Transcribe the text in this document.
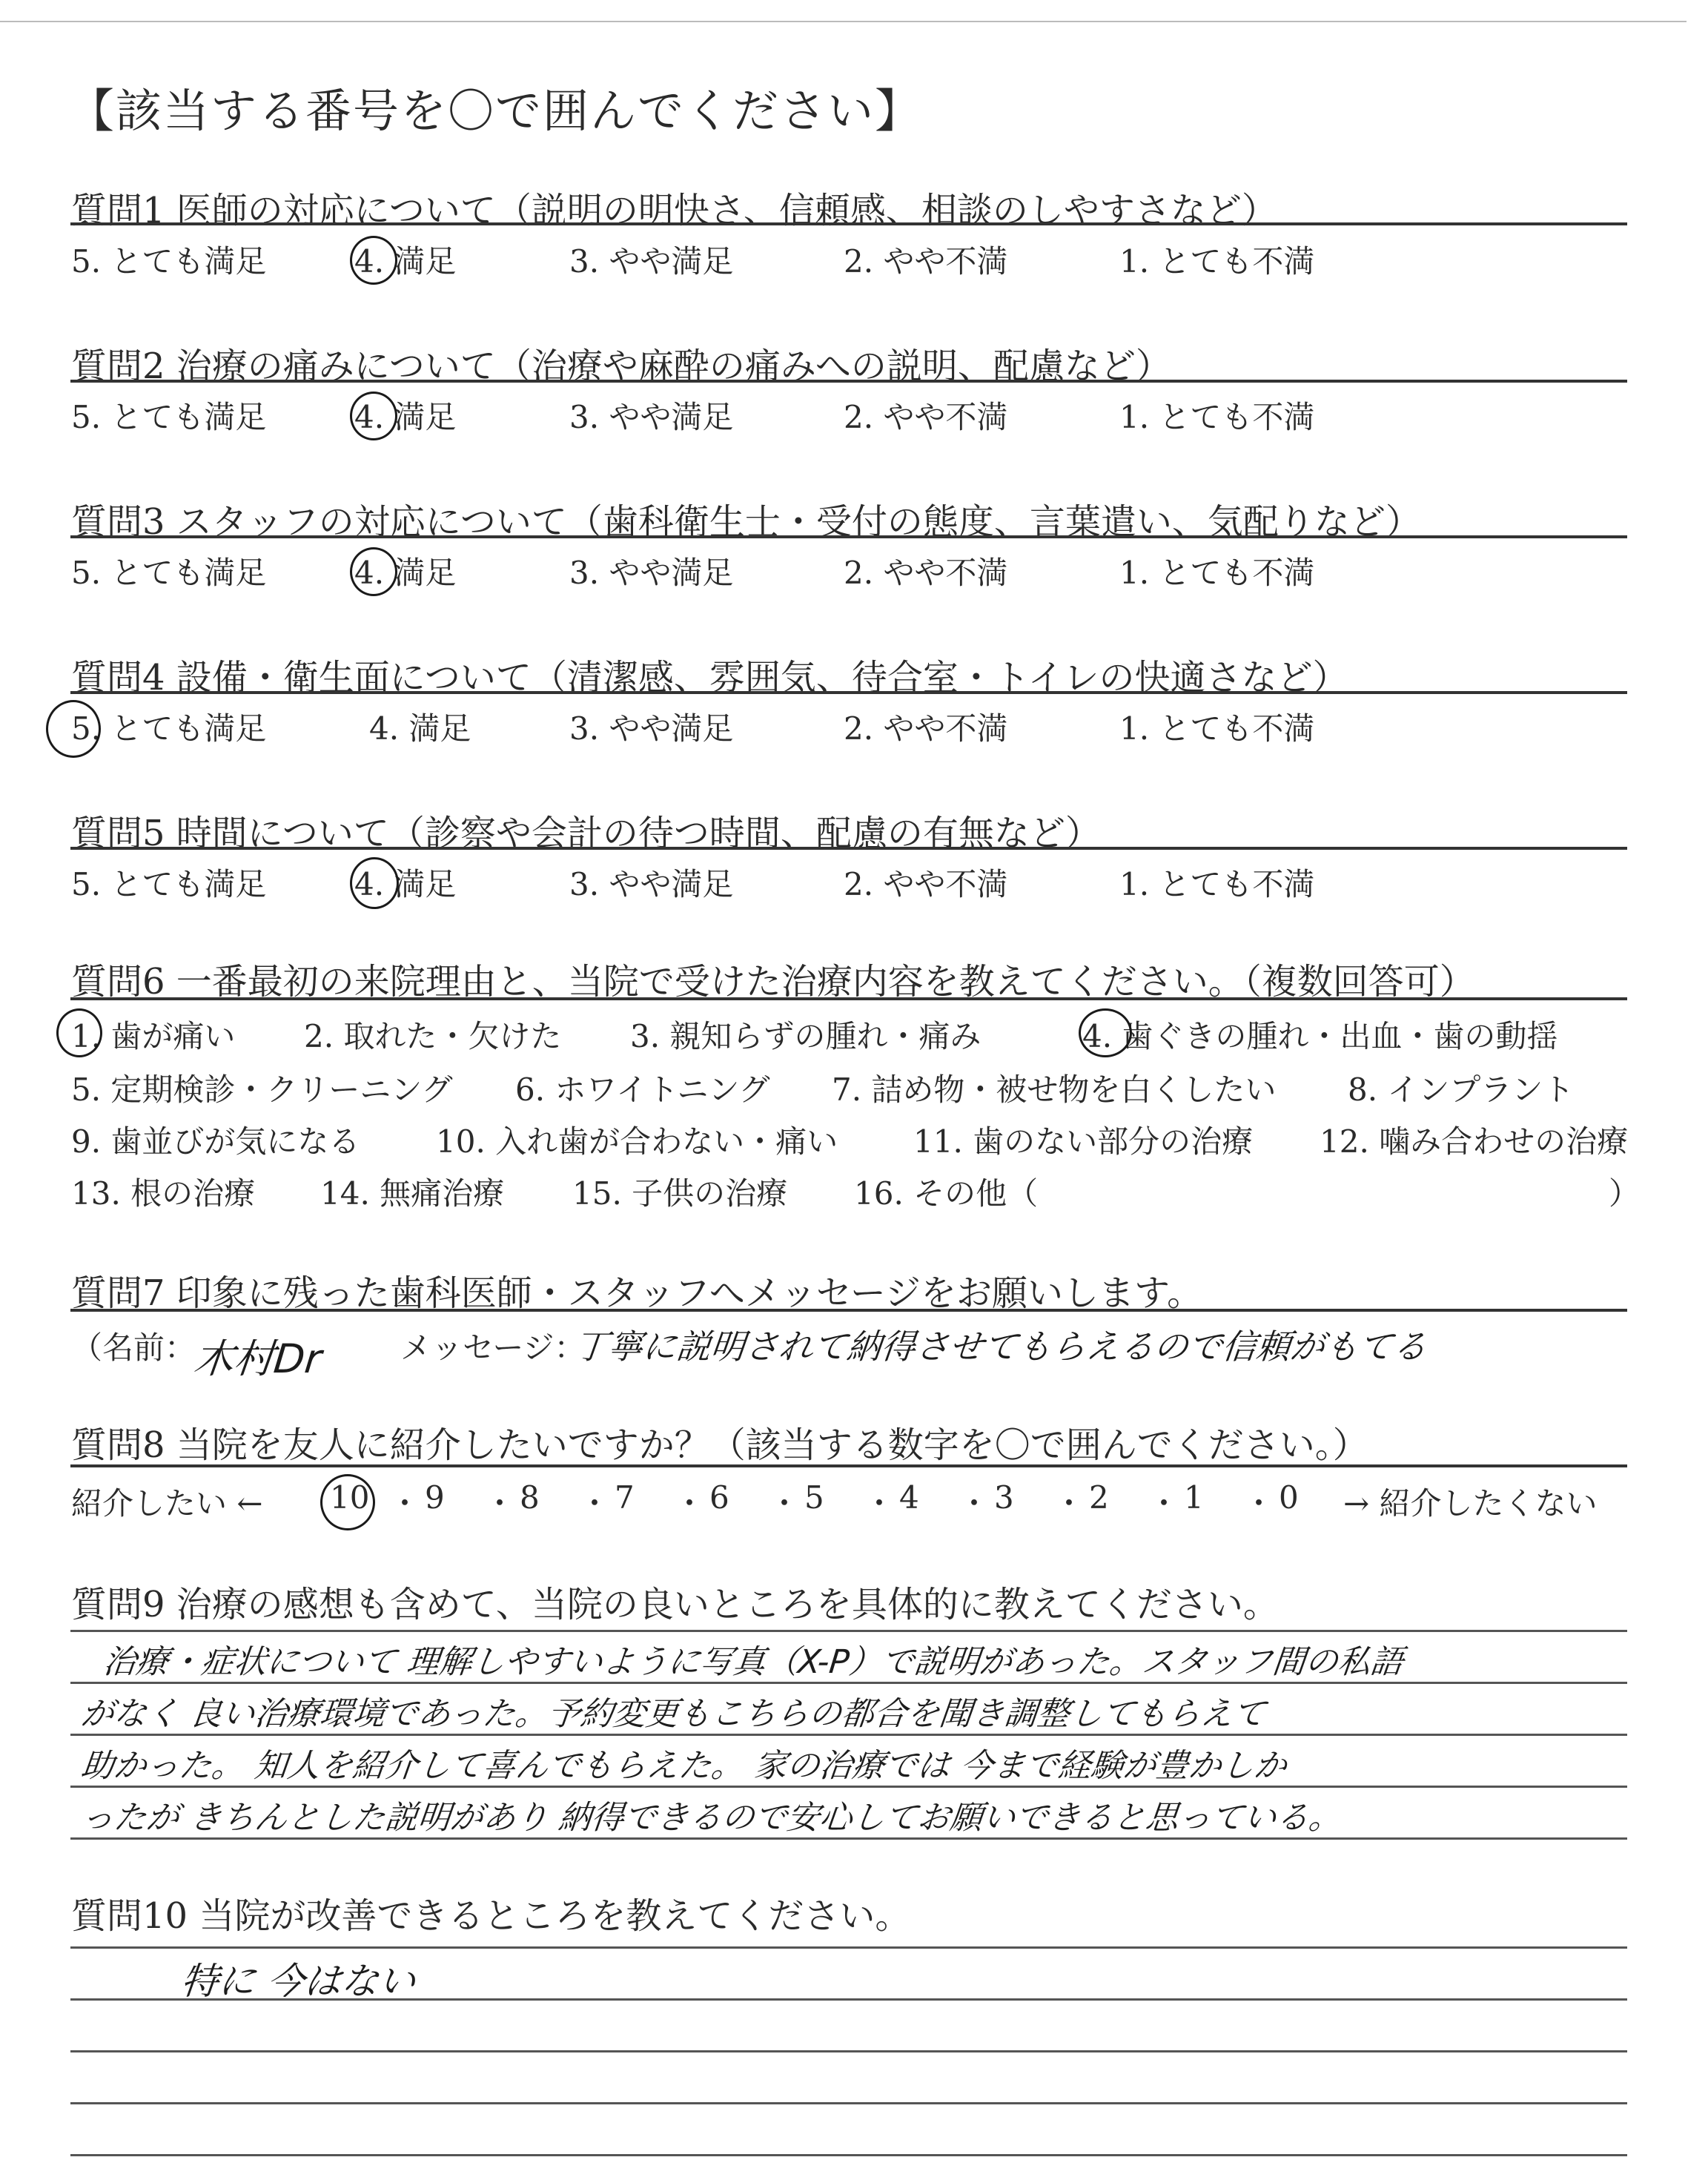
【該当する番号を〇で囲んでください】
質問1 医師の対応について（説明の明快さ、信頼感、相談のしやすさなど）
5. とても満足	4. 満足	3. やや満足	2. やや不満	1. とても不満
質問2 治療の痛みについて（治療や麻酔の痛みへの説明、配慮など）
5. とても満足	4. 満足	3. やや満足	2. やや不満	1. とても不満
質問3 スタッフの対応について（歯科衛生士・受付の態度、言葉遣い、気配りなど）
5. とても満足	4. 満足	3. やや満足	2. やや不満	1. とても不満
質問4 設備・衛生面について（清潔感、雰囲気、待合室・トイレの快適さなど）
5. とても満足	4. 満足	3. やや満足	2. やや不満	1. とても不満
質問5 時間について（診察や会計の待つ時間、配慮の有無など）
5. とても満足	4. 満足	3. やや満足	2. やや不満	1. とても不満
質問6 一番最初の来院理由と、当院で受けた治療内容を教えてください。（複数回答可）
1. 歯が痛い 2. 取れた・欠けた 3. 親知らずの腫れ・痛み	4. 歯ぐきの腫れ・出血・歯の動揺
5. 定期検診・クリーニング 6. ホワイトニング 7. 詰め物・被せ物を白くしたい 8. インプラント
9. 歯並びが気になる 10. 入れ歯が合わない・痛い 11. 歯のない部分の治療 12. 噛み合わせの治療
13. 根の治療 14. 無痛治療 15. 子供の治療 16. その他（	）
質問7 印象に残った歯科医師・スタッフへメッセージをお願いします。
（名前：
木村Dr メッセージ：
丁寧に説明されて納得させてもらえるので信頼がもてる
質問8 当院を友人に紹介したいですか？（該当する数字を〇で囲んでください。）
紹介したい ← 10 ・ 9 ・ 8 ・ 7 ・ 6 ・ 5 ・ 4 ・ 3 ・ 2 ・ 1 ・ 0 → 紹介したくない
質問9 治療の感想も含めて、当院の良いところを具体的に教えてください。
治療・症状について 理解しやすいように写真（X-P）で説明があった。スタッフ間の私語
がなく 良い治療環境であった。予約変更もこちらの都合を聞き調整してもらえて
助かった。 知人を紹介して喜んでもらえた。 家の治療では 今まで経験が豊かしか
ったが きちんとした説明があり 納得できるので安心してお願いできると思っている。
質問10 当院が改善できるところを教えてください。
特に 今はない
